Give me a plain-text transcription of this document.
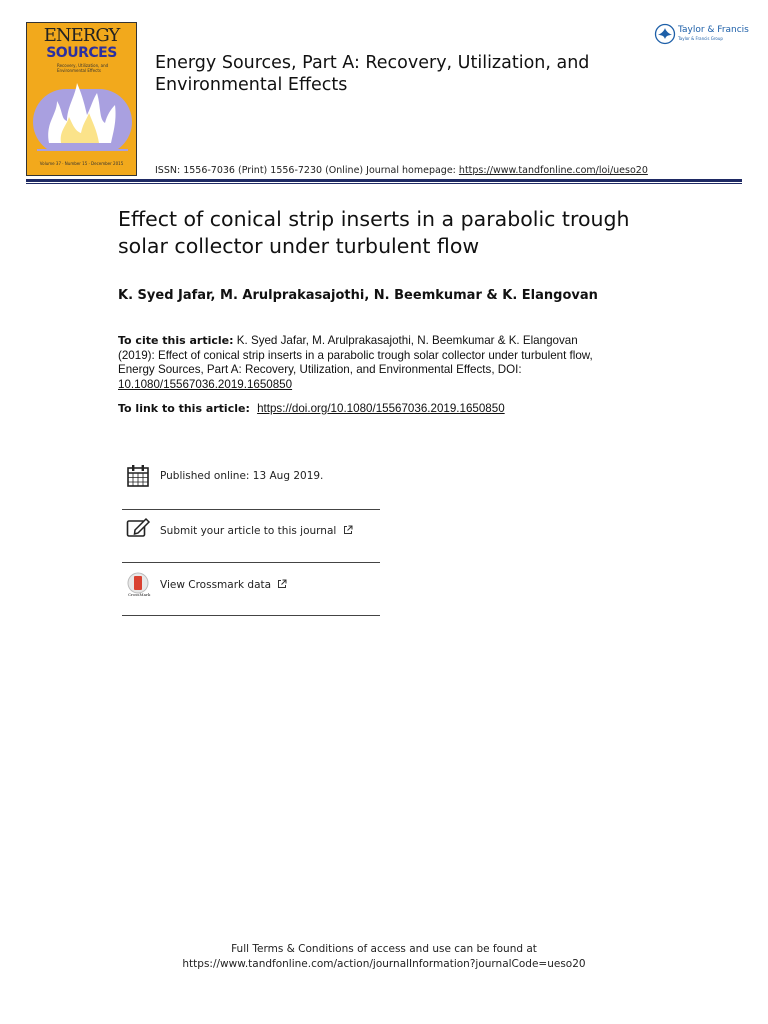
ENERGY
SOURCES
Recovery, Utilization, and Environmental Effects
Volume 37 · Number 15 · December 2015
Energy Sources, Part A: Recovery, Utilization, and Environmental Effects
ISSN: 1556-7036 (Print) 1556-7230 (Online) Journal homepage: https://www.tandfonline.com/loi/ueso20
Taylor & Francis
Taylor & Francis Group
Effect of conical strip inserts in a parabolic trough solar collector under turbulent flow
K. Syed Jafar, M. Arulprakasajothi, N. Beemkumar & K. Elangovan
To cite this article: K. Syed Jafar, M. Arulprakasajothi, N. Beemkumar & K. Elangovan (2019): Effect of conical strip inserts in a parabolic trough solar collector under turbulent flow, Energy Sources, Part A: Recovery, Utilization, and Environmental Effects, DOI: 10.1080/15567036.2019.1650850
To link to this article: https://doi.org/10.1080/15567036.2019.1650850
Published online: 13 Aug 2019.
Submit your article to this journal
CrossMark
View Crossmark data
Full Terms & Conditions of access and use can be found at
https://www.tandfonline.com/action/journalInformation?journalCode=ueso20
